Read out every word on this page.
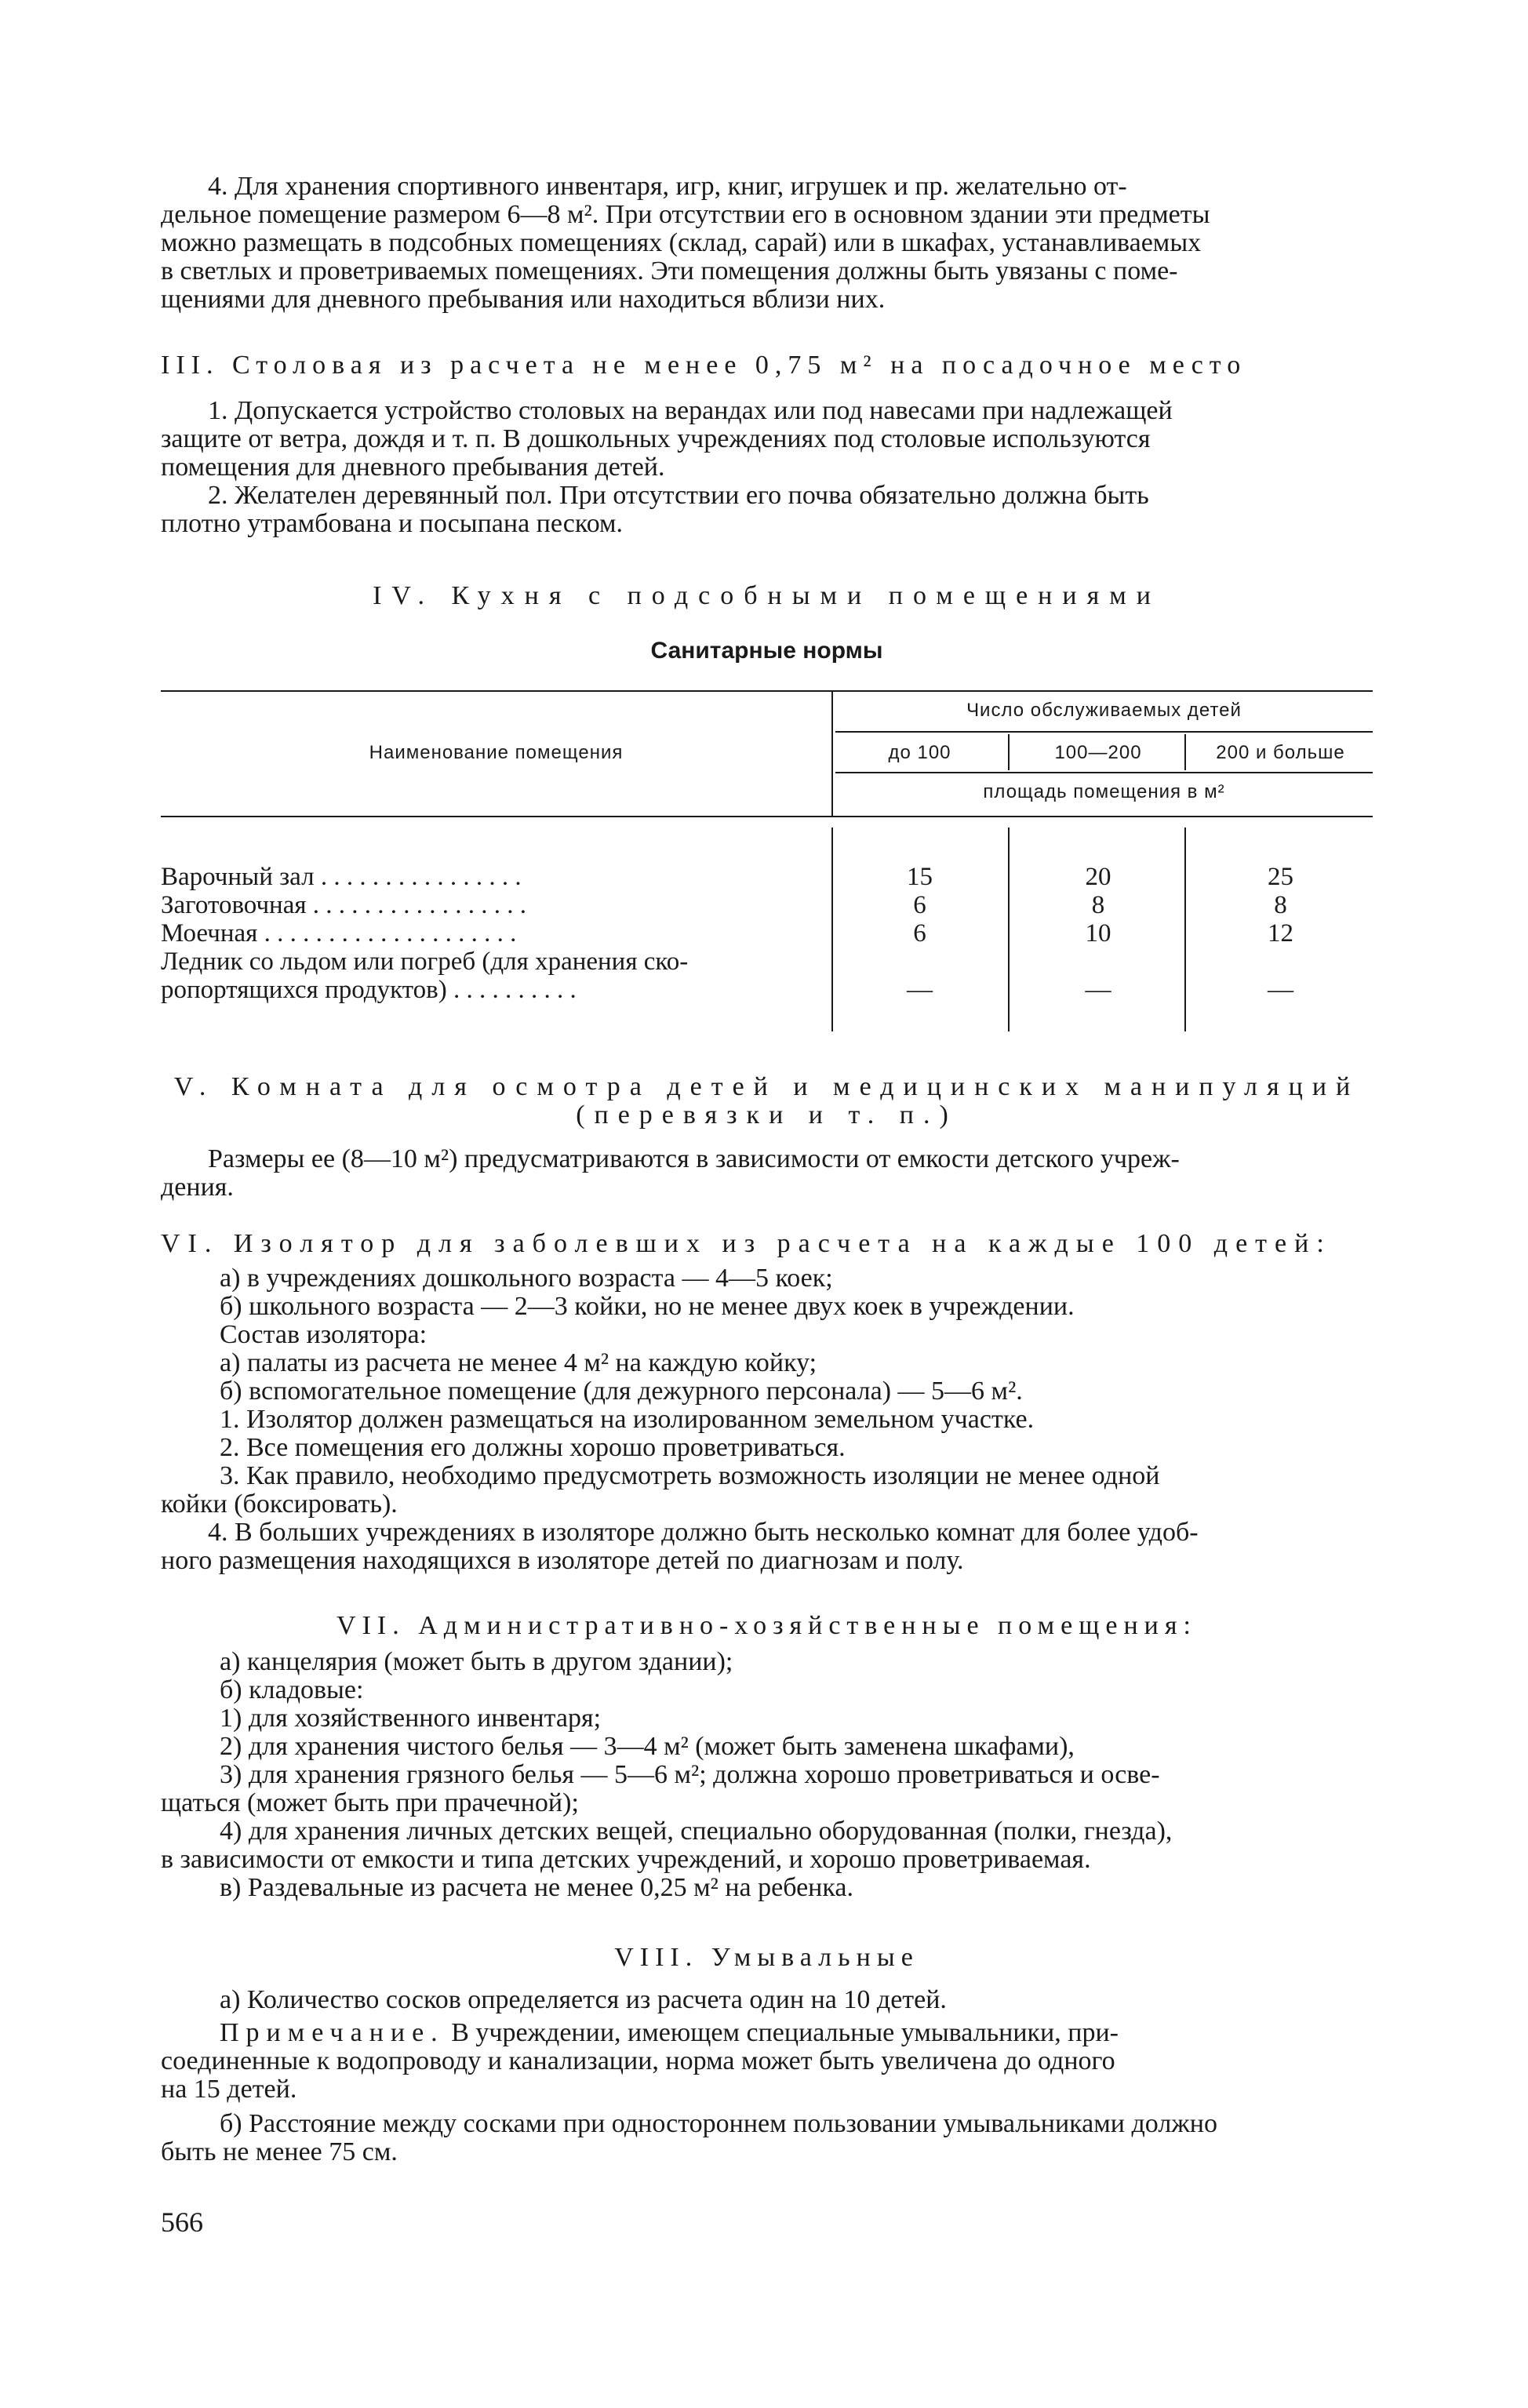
4. Для хранения спортивного инвентаря, игр, книг, игрушек и пр. желательно от-

дельное помещение размером 6—8 м². При отсутствии его в основном здании эти предметы

можно размещать в подсобных помещениях (склад, сарай) или в шкафах, устанавливаемых

в светлых и проветриваемых помещениях. Эти помещения должны быть увязаны с поме-

щениями для дневного пребывания или находиться вблизи них.

III. Столовая из расчета не менее 0,75 м² на посадочное место

1. Допускается устройство столовых на верандах или под навесами при надлежащей

защите от ветра, дождя и т. п. В дошкольных учреждениях под столовые используются

помещения для дневного пребывания детей.

2. Желателен деревянный пол. При отсутствии его почва обязательно должна быть

плотно утрамбована и посыпана песком.

IV. Кухня с подсобными помещениями

Санитарные нормы

Наименование помещения
Число обслуживаемых детей
до 100	100—200	200 и больше
площадь помещения в м²
Варочный зал . . . . . . . . . . . . . . . .	15	20	25
Заготовочная . . . . . . . . . . . . . . . . .	6	8	8
Моечная . . . . . . . . . . . . . . . . . . . .	6	10	12
Ледник со льдом или погреб (для хранения ско-
ропортящихся продуктов) . . . . . . . . . .	—	—	—

V. Комната для осмотра детей и медицинских манипуляций

(перевязки и т. п.)

Размеры ее (8—10 м²) предусматриваются в зависимости от емкости детского учреж-

дения.

VI. Изолятор для заболевших из расчета на каждые 100 детей:

а) в учреждениях дошкольного возраста — 4—5 коек;

б) школьного возраста — 2—3 койки, но не менее двух коек в учреждении.

Состав изолятора:

а) палаты из расчета не менее 4 м² на каждую койку;

б) вспомогательное помещение (для дежурного персонала) — 5—6 м².

1. Изолятор должен размещаться на изолированном земельном участке.

2. Все помещения его должны хорошо проветриваться.

3. Как правило, необходимо предусмотреть возможность изоляции не менее одной

койки (боксировать).

4. В больших учреждениях в изоляторе должно быть несколько комнат для более удоб-

ного размещения находящихся в изоляторе детей по диагнозам и полу.

VII. Административно-хозяйственные помещения:

а) канцелярия (может быть в другом здании);

б) кладовые:

1) для хозяйственного инвентаря;

2) для хранения чистого белья — 3—4 м² (может быть заменена шкафами),

3) для хранения грязного белья — 5—6 м²; должна хорошо проветриваться и осве-

щаться (может быть при прачечной);

4) для хранения личных детских вещей, специально оборудованная (полки, гнезда),

в зависимости от емкости и типа детских учреждений, и хорошо проветриваемая.

в) Раздевальные из расчета не менее 0,25 м² на ребенка.

VIII. Умывальные

а) Количество сосков определяется из расчета один на 10 детей.

Примечание. В учреждении, имеющем специальные умывальники, при-

соединенные к водопроводу и канализации, норма может быть увеличена до одного

на 15 детей.

б) Расстояние между сосками при одностороннем пользовании умывальниками должно

быть не менее 75 см.

566
